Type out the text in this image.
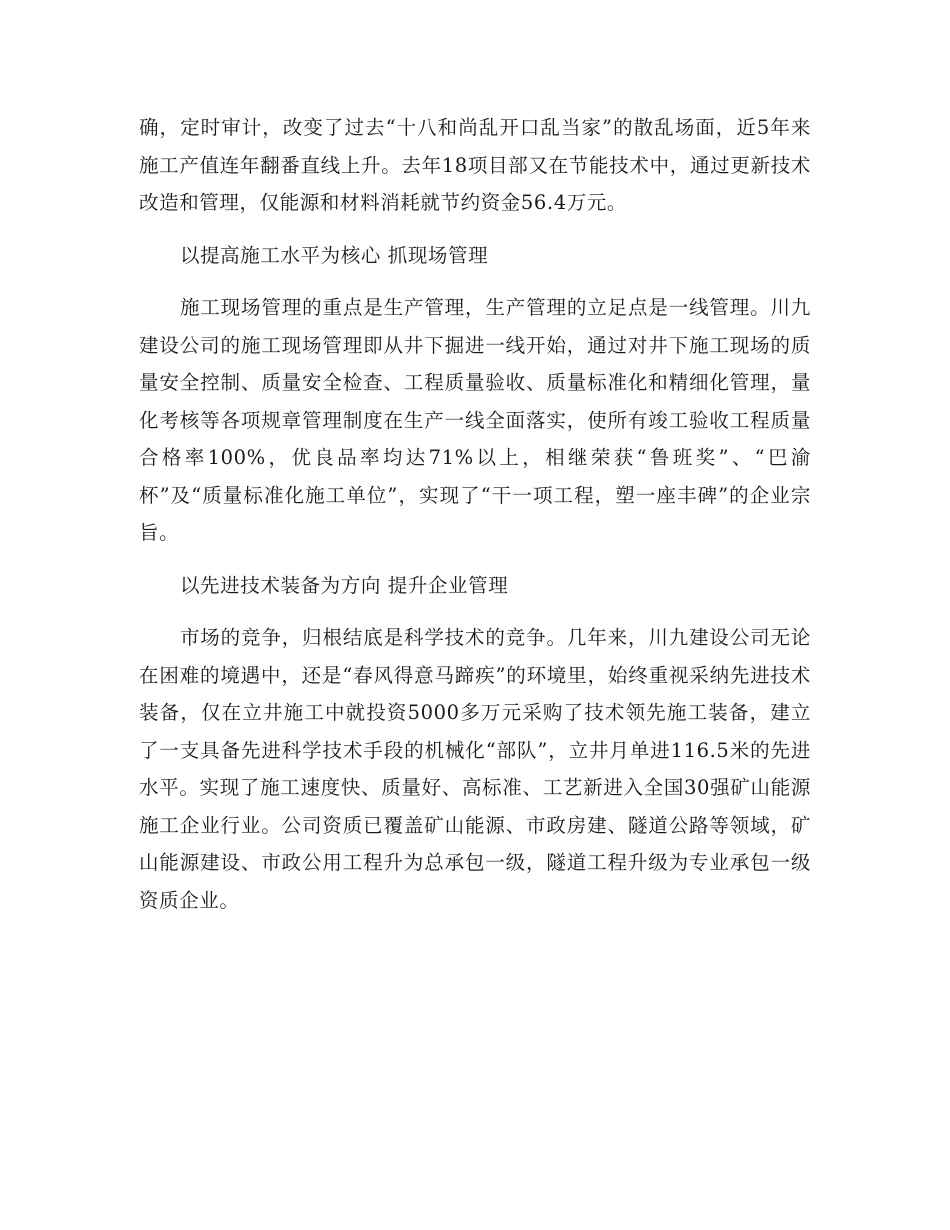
确，定时审计，改变了过去“十八和尚乱开口乱当家”的散乱场面，近5年来施工产值连年翻番直线上升。去年18项目部又在节能技术中，通过更新技术改造和管理，仅能源和材料消耗就节约资金56.4万元。

以提高施工水平为核心 抓现场管理

施工现场管理的重点是生产管理，生产管理的立足点是一线管理。川九建设公司的施工现场管理即从井下掘进一线开始，通过对井下施工现场的质量安全控制、质量安全检查、工程质量验收、质量标准化和精细化管理，量化考核等各项规章管理制度在生产一线全面落实，使所有竣工验收工程质量合格率100%，优良品率均达71%以上，相继荣获“鲁班奖”、“巴渝杯”及“质量标准化施工单位”，实现了“干一项工程，塑一座丰碑”的企业宗旨。

以先进技术装备为方向 提升企业管理

市场的竞争，归根结底是科学技术的竞争。几年来，川九建设公司无论在困难的境遇中，还是“春风得意马蹄疾”的环境里，始终重视采纳先进技术装备，仅在立井施工中就投资5000多万元采购了技术领先施工装备，建立了一支具备先进科学技术手段的机械化“部队”，立井月单进116.5米的先进水平。实现了施工速度快、质量好、高标准、工艺新进入全国30强矿山能源施工企业行业。公司资质已覆盖矿山能源、市政房建、隧道公路等领域，矿山能源建设、市政公用工程升为总承包一级，隧道工程升级为专业承包一级资质企业。
